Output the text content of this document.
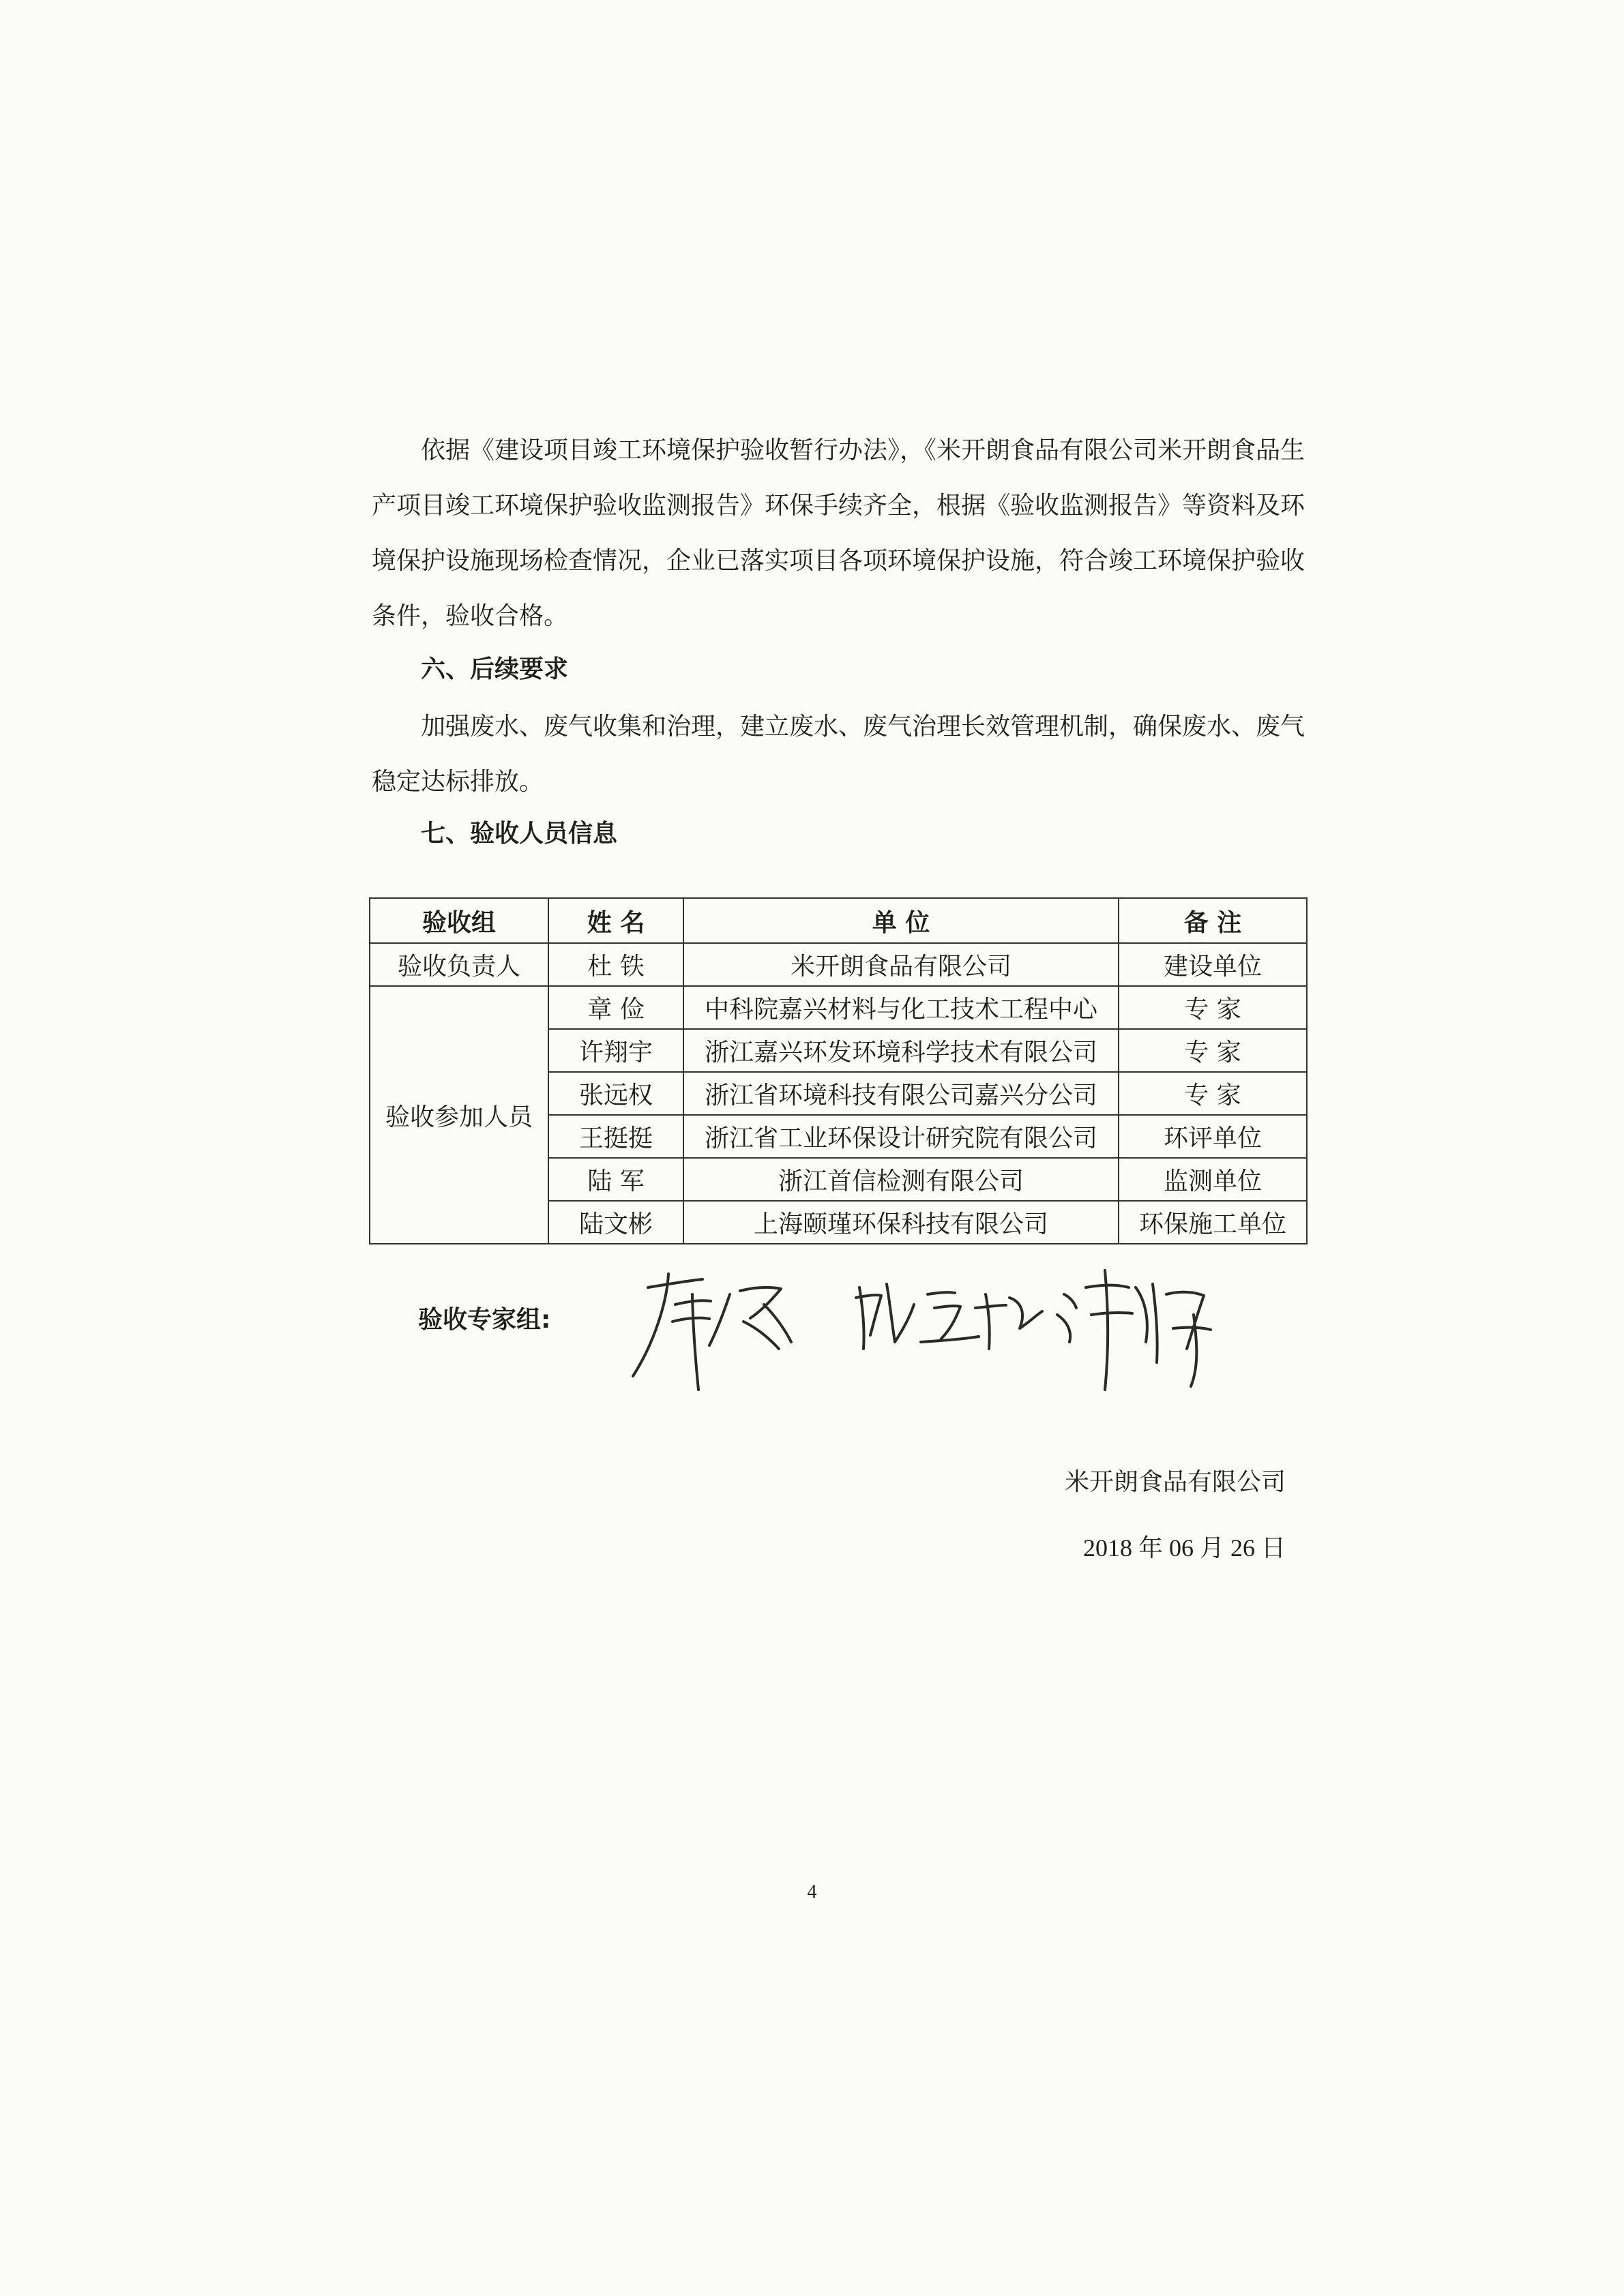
依据《建设项目竣工环境保护验收暂行办法》，《米开朗食品有限公司米开朗食品生产项目竣工环境保护验收监测报告》环保手续齐全，根据《验收监测报告》等资料及环境保护设施现场检查情况，企业已落实项目各项环境保护设施，符合竣工环境保护验收条件，验收合格。

六、后续要求

加强废水、废气收集和治理，建立废水、废气治理长效管理机制，确保废水、废气稳定达标排放。

七、验收人员信息

验收组	姓 名	单 位	备 注
验收负责人	杜 铁	米开朗食品有限公司	建设单位
验收参加人员	章 俭	中科院嘉兴材料与化工技术工程中心	专 家
	许翔宇	浙江嘉兴环发环境科学技术有限公司	专 家
	张远权	浙江省环境科技有限公司嘉兴分公司	专 家
	王挺挺	浙江省工业环保设计研究院有限公司	环评单位
	陆 军	浙江首信检测有限公司	监测单位
	陆文彬	上海颐瑾环保科技有限公司	环保施工单位
验收专家组:
米开朗食品有限公司
2018 年 06 月 26 日
4
